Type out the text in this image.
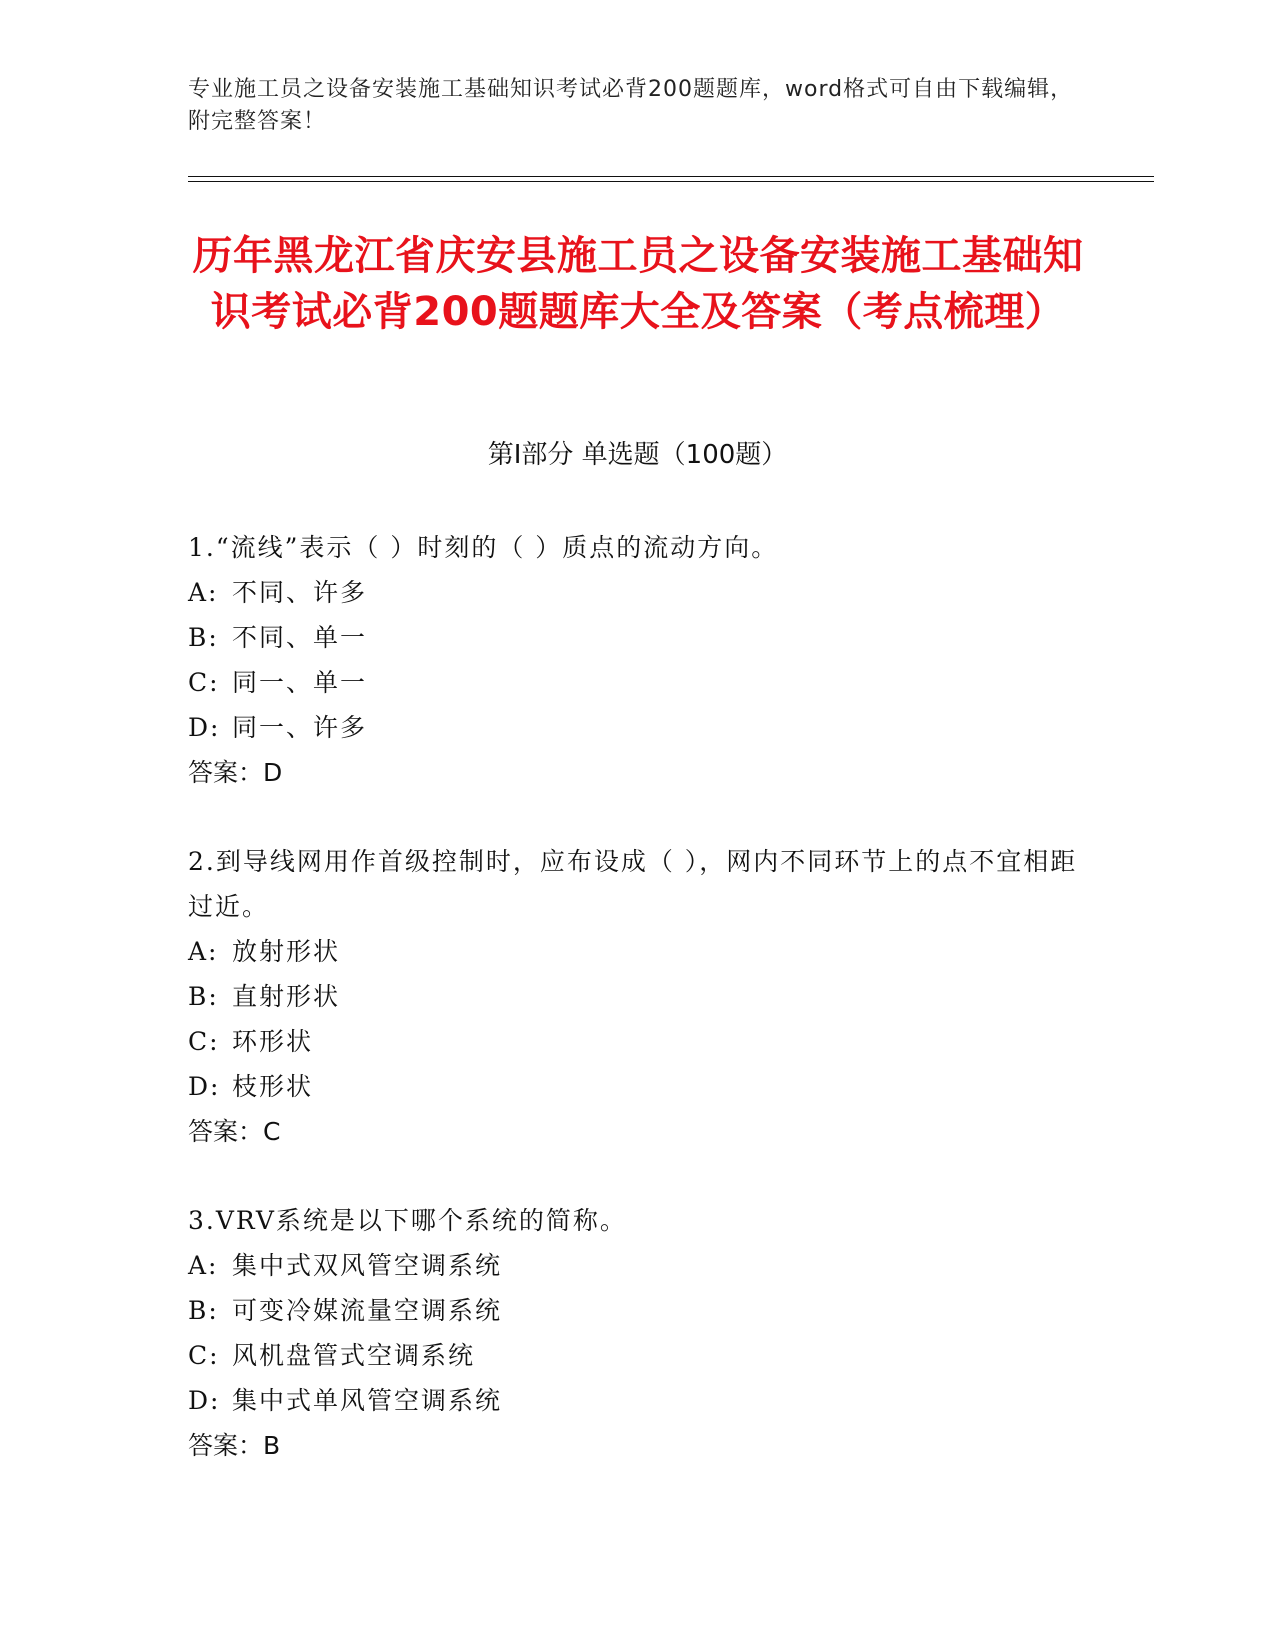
专业施工员之设备安装施工基础知识考试必背200题题库，word格式可自由下载编辑，附完整答案！
历年黑龙江省庆安县施工员之设备安装施工基础知识考试必背200题题库大全及答案（考点梳理）
第Ⅰ部分 单选题（100题）
1.“流线”表示（ ）时刻的（ ）质点的流动方向。
A: 不同、许多
B: 不同、单一
C: 同一、单一
D: 同一、许多
答案：D
2.到导线网用作首级控制时，应布设成（ ），网内不同环节上的点不宜相距过近。
A: 放射形状
B: 直射形状
C: 环形状
D: 枝形状
答案：C
3.VRV系统是以下哪个系统的简称。
A: 集中式双风管空调系统
B: 可变冷媒流量空调系统
C: 风机盘管式空调系统
D: 集中式单风管空调系统
答案：B
